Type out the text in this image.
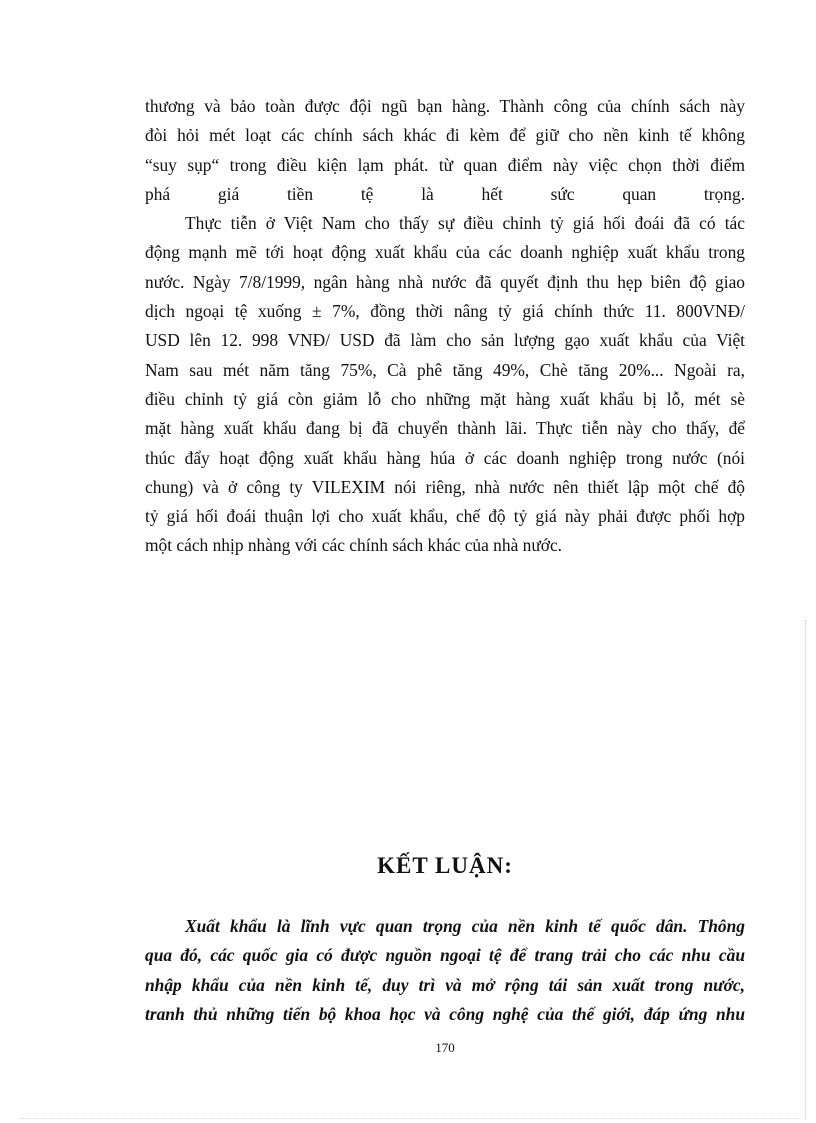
thương và bảo toàn được đội ngũ bạn hàng. Thành công của chính sách này
đòi hỏi mét loạt các chính sách khác đi kèm để giữ cho nền kinh tế không
“suy sụp“ trong điều kiện lạm phát. từ quan điểm này việc chọn thời điểm
phá giá tiền tệ là hết sức quan trọng.
Thực tiễn ở Việt Nam cho thấy sự điều chỉnh tỷ giá hối đoái đã có tác
động mạnh mẽ tới hoạt động xuất khẩu của các doanh nghiệp xuất khẩu trong
nước. Ngày 7/8/1999, ngân hàng nhà nước đã quyết định thu hẹp biên độ giao
dịch ngoại tệ xuống ± 7%, đồng thời nâng tỷ giá chính thức 11. 800VNĐ/
USD lên 12. 998 VNĐ/ USD đã làm cho sản lượng gạo xuất khẩu của Việt
Nam sau mét năm tăng 75%, Cà phê tăng 49%, Chè tăng 20%... Ngoài ra,
điều chỉnh tỷ giá còn giảm lỗ cho những mặt hàng xuất khẩu bị lỗ, mét sè
mặt hàng xuất khẩu đang bị đã chuyển thành lãi. Thực tiễn này cho thấy, để
thúc đẩy hoạt động xuất khẩu hàng húa ở các doanh nghiệp trong nước (nói
chung) và ở công ty VILEXIM nói riêng, nhà nước nên thiết lập một chế độ
tỷ giá hối đoái thuận lợi cho xuất khẩu, chế độ tỷ giá này phải được phối hợp
một cách nhịp nhàng với các chính sách khác của nhà nước.
KẾT LUẬN:
Xuất khẩu là lĩnh vực quan trọng của nền kinh tế quốc dân. Thông
qua đó, các quốc gia có được nguồn ngoại tệ để trang trải cho các nhu cầu
nhập khẩu của nền kinh tế, duy trì và mở rộng tái sản xuất trong nước,
tranh thủ những tiến bộ khoa học và công nghệ của thế giới, đáp ứng nhu
170
